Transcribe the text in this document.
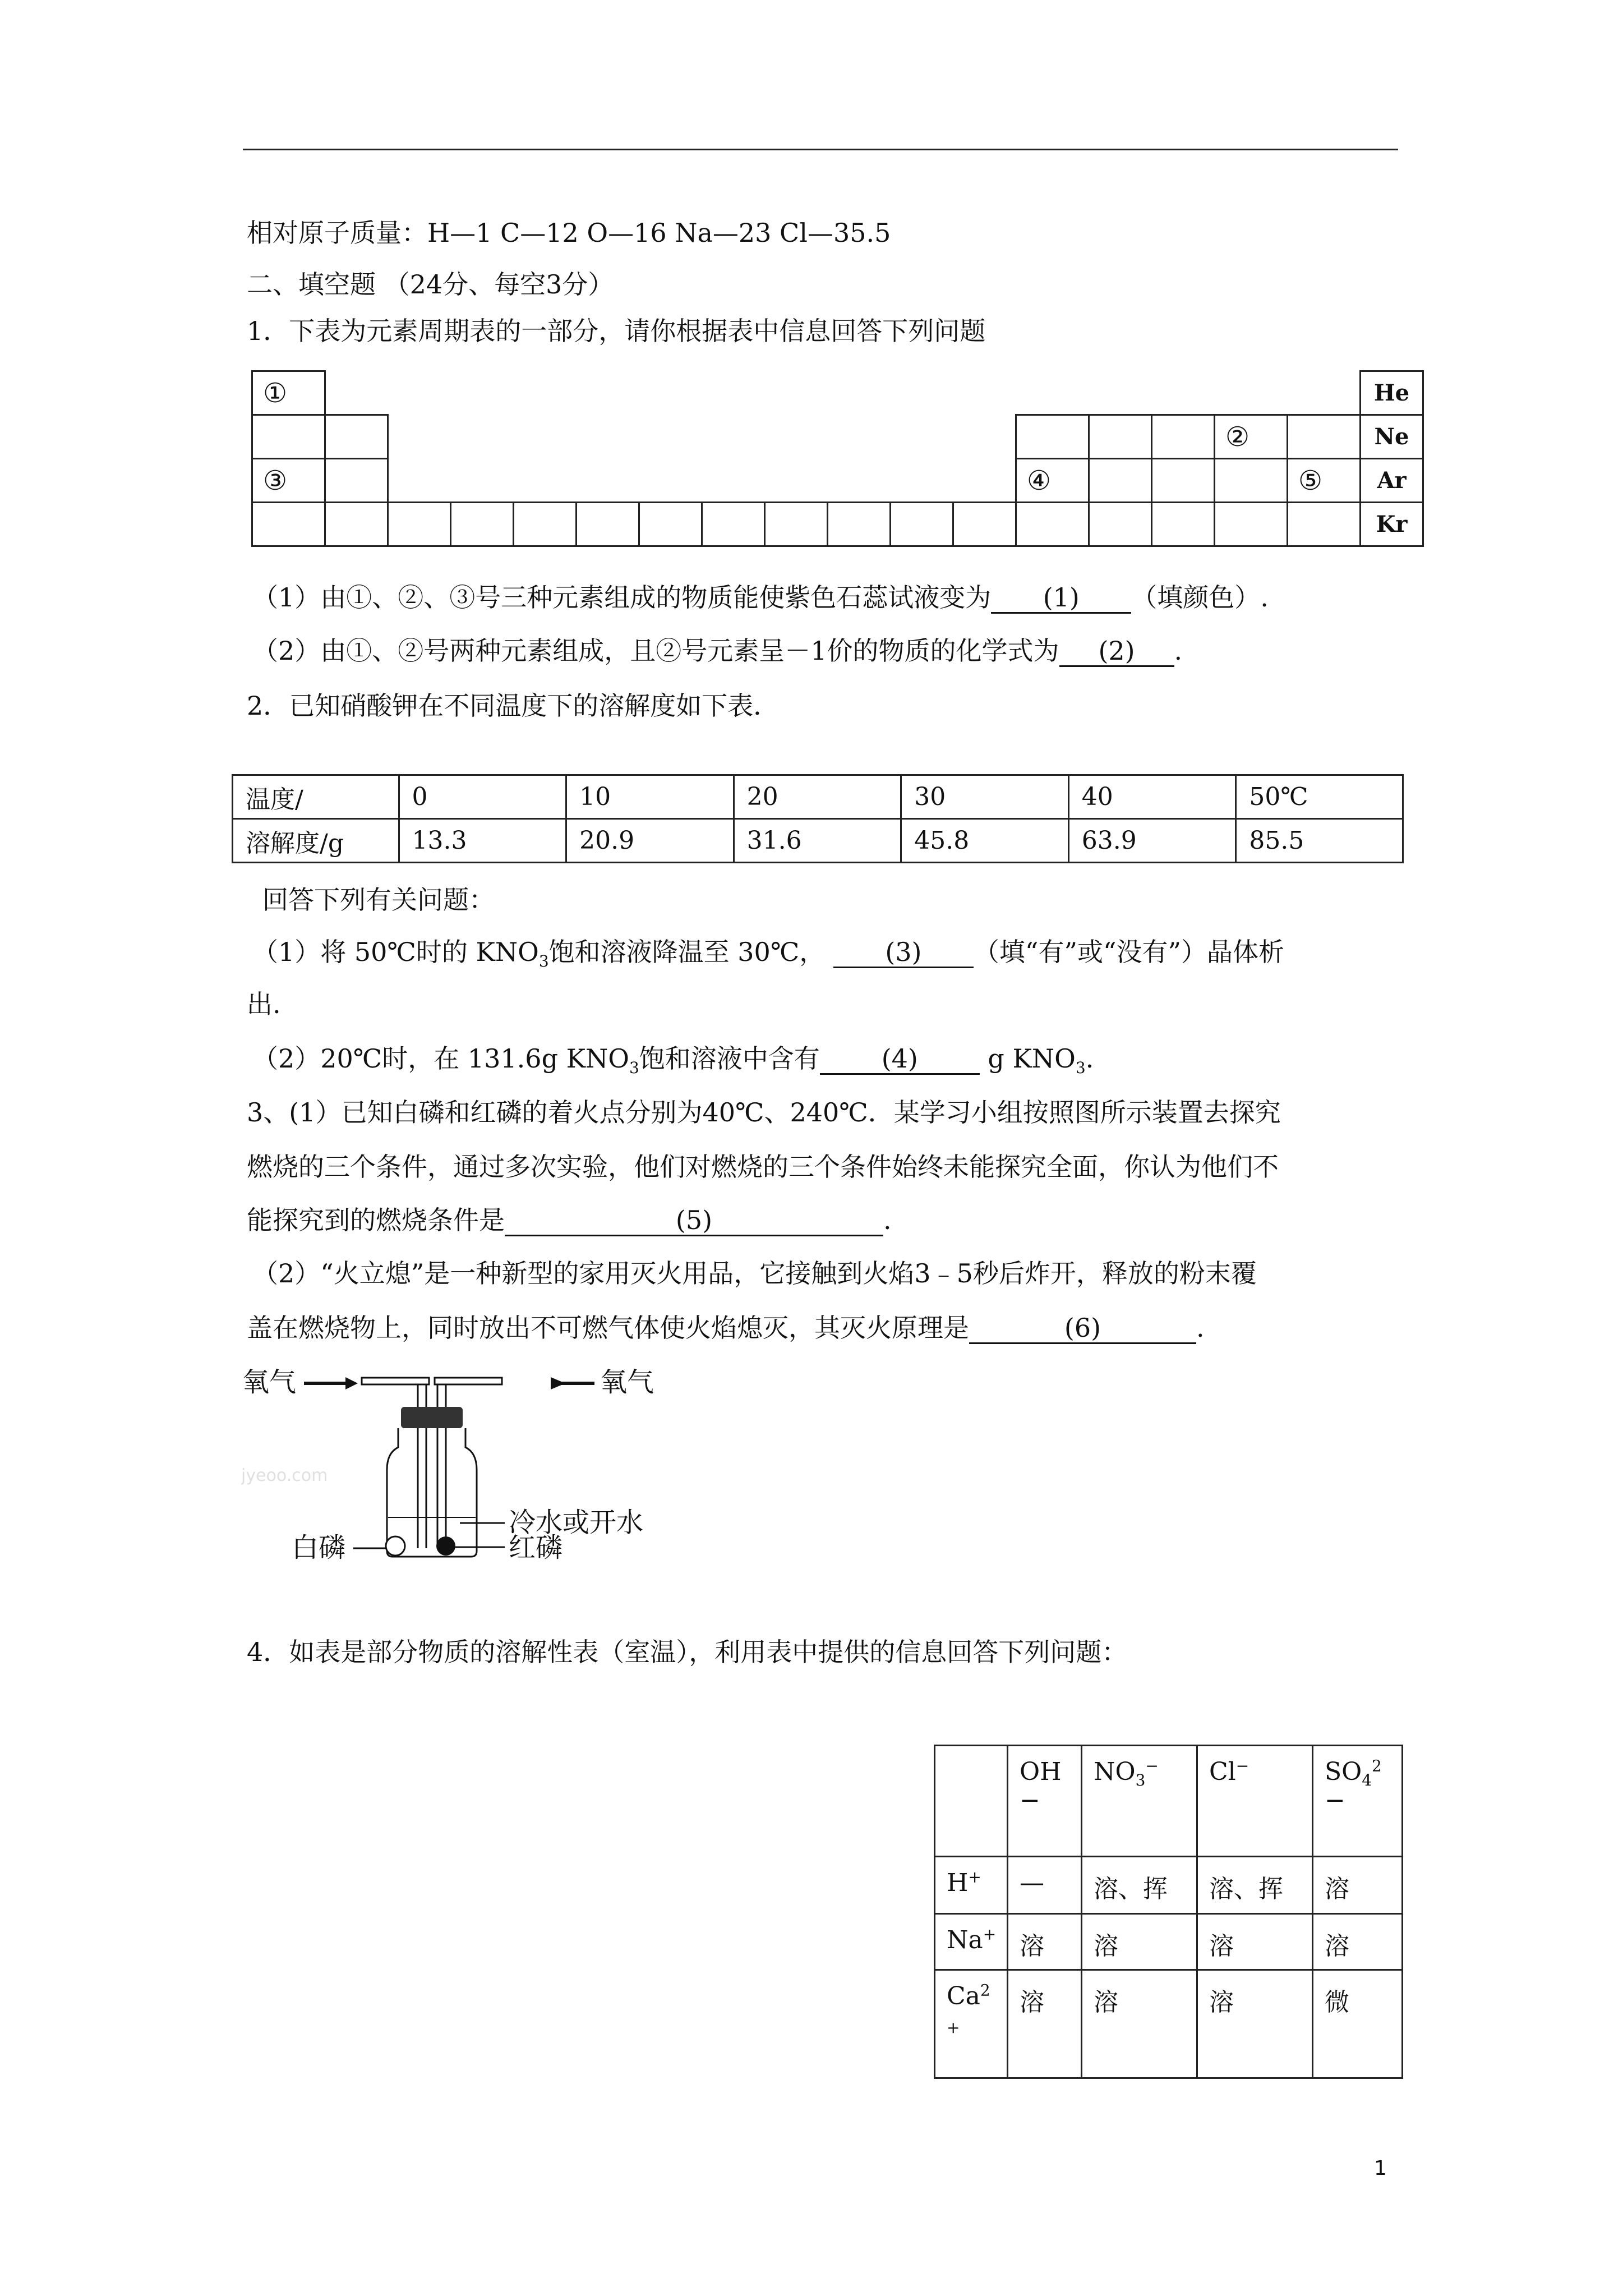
相对原子质量：H—1 C—12 O—16 Na—23 Cl—35.5
二、填空题 （24分、每空3分）
1．下表为元素周期表的一部分，请你根据表中信息回答下列问题
①																	He
															②		Ne
③												④				⑤	Ar
																	Kr
（1）由①、②、③号三种元素组成的物质能使紫色石蕊试液变为 (1) （填颜色）.
（2）由①、②号两种元素组成，且②号元素呈－1价的物质的化学式为 (2) .
2．已知硝酸钾在不同温度下的溶解度如下表．
温度/	0	10	20	30	40	50℃
溶解度/g	13.3	20.9	31.6	45.8	63.9	85.5
回答下列有关问题：
（1）将 50℃时的 $KNO_3$饱和溶液降温至 30℃， (3) （填“有”或“没有”）晶体析
出.
（2）20℃时，在 131.6g $KNO_3$饱和溶液中含有 (4)	g $KNO_3$.
3、(1）已知白磷和红磷的着火点分别为40℃、240℃．某学习小组按照图所示装置去探究
燃烧的三个条件，通过多次实验，他们对燃烧的三个条件始终未能探究全面，你认为他们不
能探究到的燃烧条件是	(5)	.
（2）“火立熄”是一种新型的家用灭火用品，它接触到火焰3﹣5秒后炸开，释放的粉末覆
盖在燃烧物上，同时放出不可燃气体使火焰熄灭，其灭火原理是	(6)	.
氧气	氧气
jyeoo.com
冷水或开水
红磷
白磷
4．如表是部分物质的溶解性表（室温），利用表中提供的信息回答下列问题：
	OH
−	$NO_3^-$	Cl−	$SO_4^2$
−
H+	—	溶、挥	溶、挥	溶
Na+	溶	溶	溶	溶
$Ca^2$
+	溶	溶	溶	微
1
